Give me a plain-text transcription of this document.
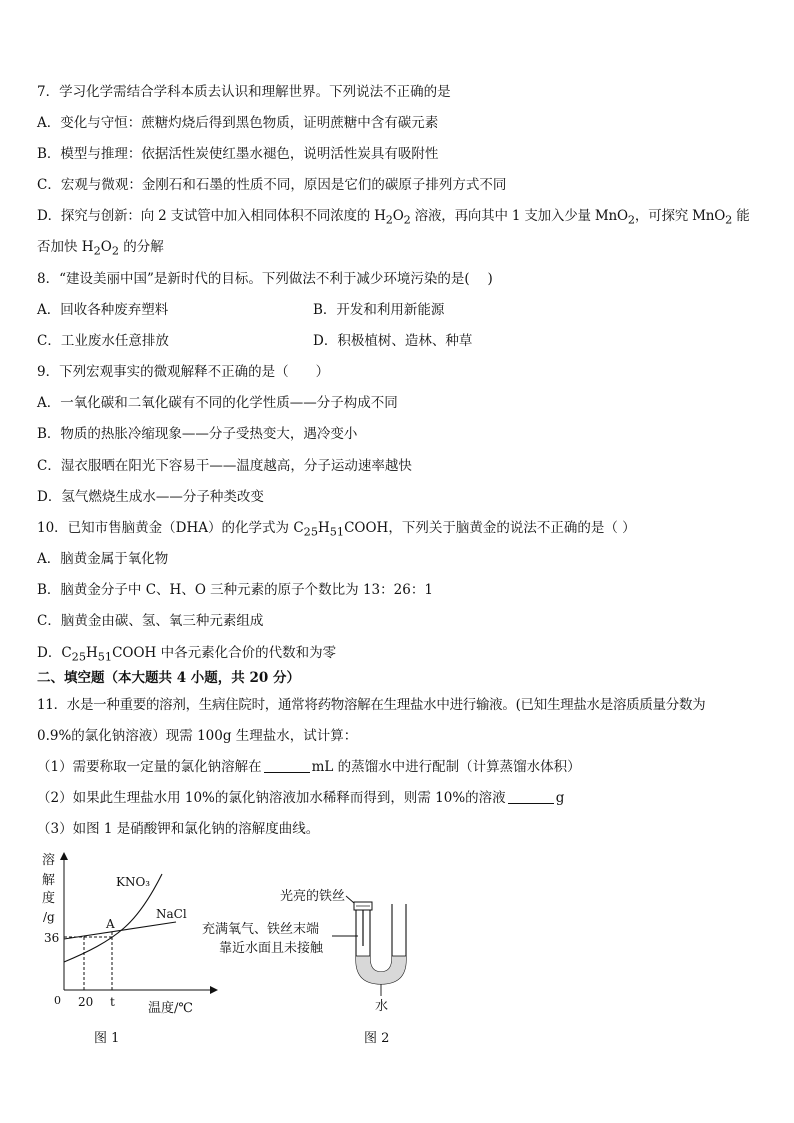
7．学习化学需结合学科本质去认识和理解世界。下列说法不正确的是
A．变化与守恒：蔗糖灼烧后得到黑色物质，证明蔗糖中含有碳元素
B．模型与推理：依据活性炭使红墨水褪色，说明活性炭具有吸附性
C．宏观与微观：金刚石和石墨的性质不同，原因是它们的碳原子排列方式不同
D．探究与创新：向 2 支试管中加入相同体积不同浓度的 $H_2O_2$ 溶液，再向其中 1 支加入少量 MnO$_2$，可探究 MnO$_2$ 能
否加快 $H_2O_2$ 的分解
8．“建设美丽中国”是新时代的目标。下列做法不利于减少环境污染的是(　 )
A．回收各种废弃塑料	B．开发和利用新能源
C．工业废水任意排放	D．积极植树、造林、种草
9．下列宏观事实的微观解释不正确的是（　　）
A．一氧化碳和二氧化碳有不同的化学性质——分子构成不同
B．物质的热胀冷缩现象——分子受热变大，遇冷变小
C．湿衣服晒在阳光下容易干——温度越高，分子运动速率越快
D．氢气燃烧生成水——分子种类改变
10．已知市售脑黄金（DHA）的化学式为 $C_{25}H_{51}COOH$，下列关于脑黄金的说法不正确的是（ ）
A．脑黄金属于氧化物
B．脑黄金分子中 C、H、O 三种元素的原子个数比为 13：26：1
C．脑黄金由碳、氢、氧三种元素组成
D．$C_{25}H_{51}COOH$ 中各元素化合价的代数和为零
二、填空题（本大题共 4 小题，共 20 分）
11．水是一种重要的溶剂，生病住院时，通常将药物溶解在生理盐水中进行输液。(已知生理盐水是溶质质量分数为
0.9%的氯化钠溶液）现需 100g 生理盐水，试计算：
（1）需要称取一定量的氯化钠溶解在	mL 的蒸馏水中进行配制（计算蒸馏水体积）
（2）如果此生理盐水用 10%的氯化钠溶液加水稀释而得到，则需 10%的溶液	g
（3）如图 1 是硝酸钾和氯化钠的溶解度曲线。
溶
解
度
/g
36
KNO₃
NaCl
A
0 20 t	温度/℃
图 1
光亮的铁丝
充满氧气、铁丝末端
靠近水面且未接触
水
图 2
